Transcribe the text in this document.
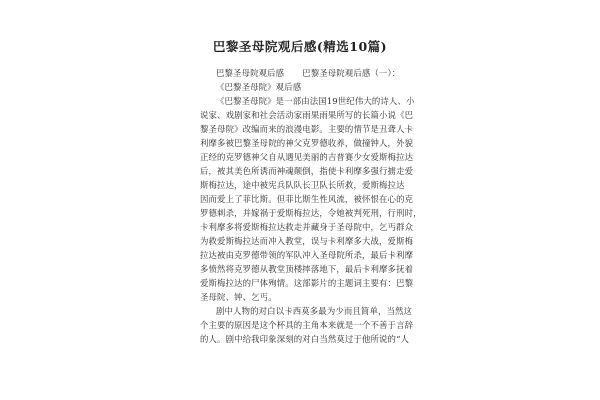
巴黎圣母院观后感(精选10篇)
巴黎圣母院观后感 巴黎圣母院观后感（一）：
《巴黎圣母院》观后感
《巴黎圣母院》是一部由法国19世纪伟大的诗人、小
说家、戏剧家和社会活动家雨果雨果所写的长篇小说《巴
黎圣母院》改编而来的浪漫电影。主要的情节是丑聋人卡
利摩多被巴黎圣母院的神父克罗德收养，做撞钟人，外貌
正经的克罗德神父自从遇见美丽的吉普赛少女爱斯梅拉达
后，被其美色所诱而神魂颠倒，指使卡利摩多强行掳走爱
斯梅拉达，途中被宪兵队队长卫队长所救，爱斯梅拉达
因而爱上了菲比斯。但菲比斯生性风流，被怀恨在心的克
罗德刺杀，并嫁祸于爱斯梅拉达，令她被判死刑，行刑时，
卡利摩多将爱斯梅拉达救走并藏身于圣母院中，乞丐群众
为救爱斯梅拉达而冲入教堂，误与卡利摩多大战，爱斯梅
拉达被由克罗德带领的军队冲入圣母院所杀，最后卡利摩
多愤然将克罗德从教堂顶楼摔落地下，最后卡利摩多抚着
爱斯梅拉达的尸体殉情。这部影片的主题词主要有：巴黎
圣母院、钟、乞丐。
剧中人物的对白以卡西莫多最为少而且简单，当然这
个主要的原因是这个杯具的主角本来就是一个不善于言辞
的人。剧中给我印象深刻的对白当然莫过于他所说的“人
